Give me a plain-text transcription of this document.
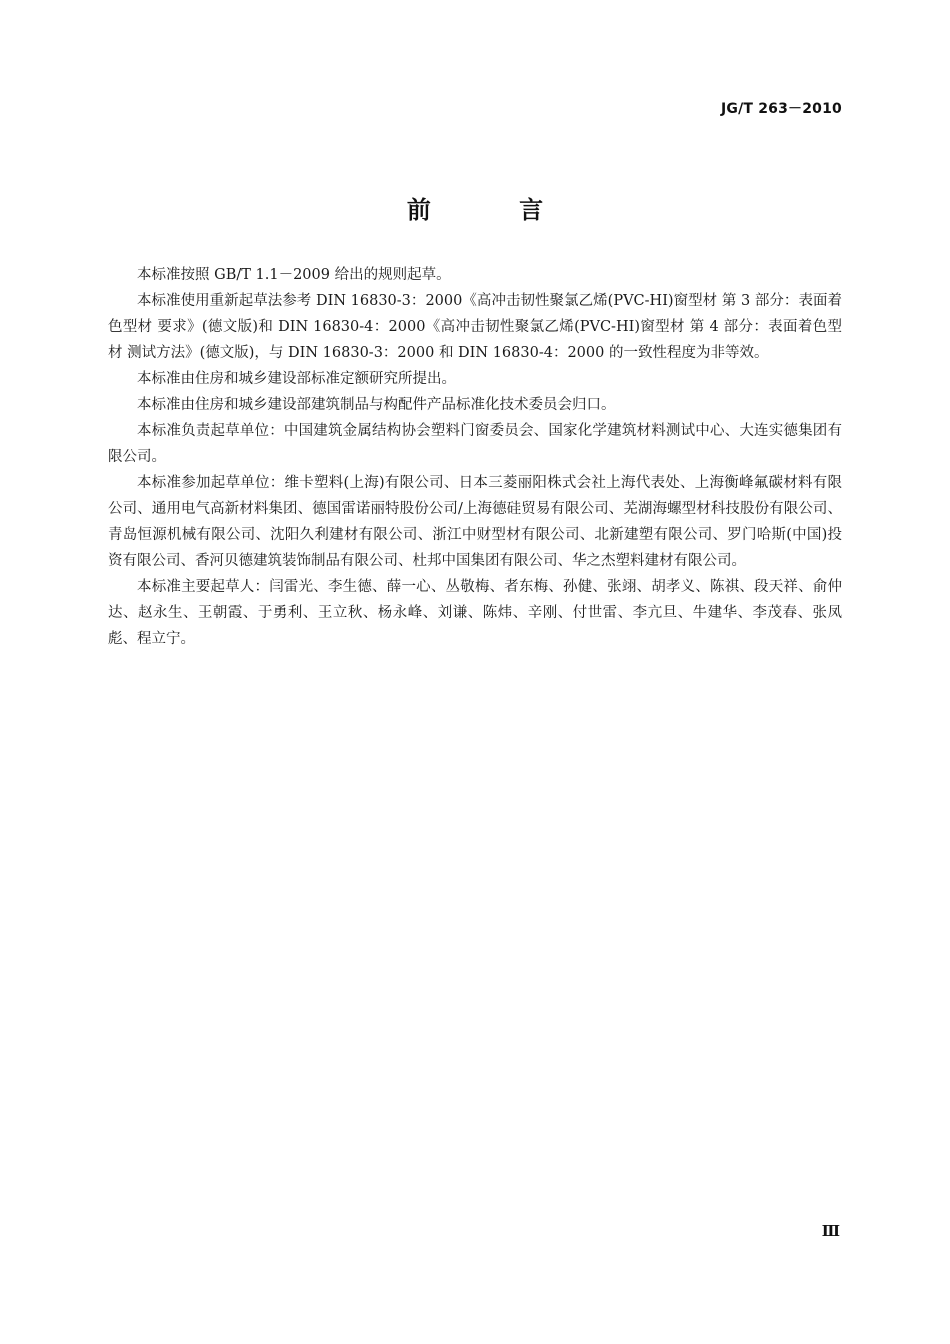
JG/T 263－2010
前 言

本标准按照 GB/T 1.1－2009 给出的规则起草。

本标准使用重新起草法参考 DIN 16830-3：2000《高冲击韧性聚氯乙烯(PVC-HI)窗型材 第 3 部分：表面着色型材 要求》(德文版)和 DIN 16830-4：2000《高冲击韧性聚氯乙烯(PVC-HI)窗型材 第 4 部分：表面着色型材 测试方法》(德文版)，与 DIN 16830-3：2000 和 DIN 16830-4：2000 的一致性程度为非等效。

本标准由住房和城乡建设部标准定额研究所提出。

本标准由住房和城乡建设部建筑制品与构配件产品标准化技术委员会归口。

本标准负责起草单位：中国建筑金属结构协会塑料门窗委员会、国家化学建筑材料测试中心、大连实德集团有限公司。

本标准参加起草单位：维卡塑料(上海)有限公司、日本三菱丽阳株式会社上海代表处、上海衡峰氟碳材料有限公司、通用电气高新材料集团、德国雷诺丽特股份公司/上海德硅贸易有限公司、芜湖海螺型材科技股份有限公司、青岛恒源机械有限公司、沈阳久利建材有限公司、浙江中财型材有限公司、北新建塑有限公司、罗门哈斯(中国)投资有限公司、香河贝德建筑装饰制品有限公司、杜邦中国集团有限公司、华之杰塑料建材有限公司。

本标准主要起草人：闫雷光、李生德、薛一心、丛敬梅、者东梅、孙健、张翊、胡孝义、陈祺、段天祥、俞仲达、赵永生、王朝霞、于勇利、王立秋、杨永峰、刘谦、陈炜、辛刚、付世雷、李亢旦、牛建华、李茂春、张凤彪、程立宁。

Ⅲ
